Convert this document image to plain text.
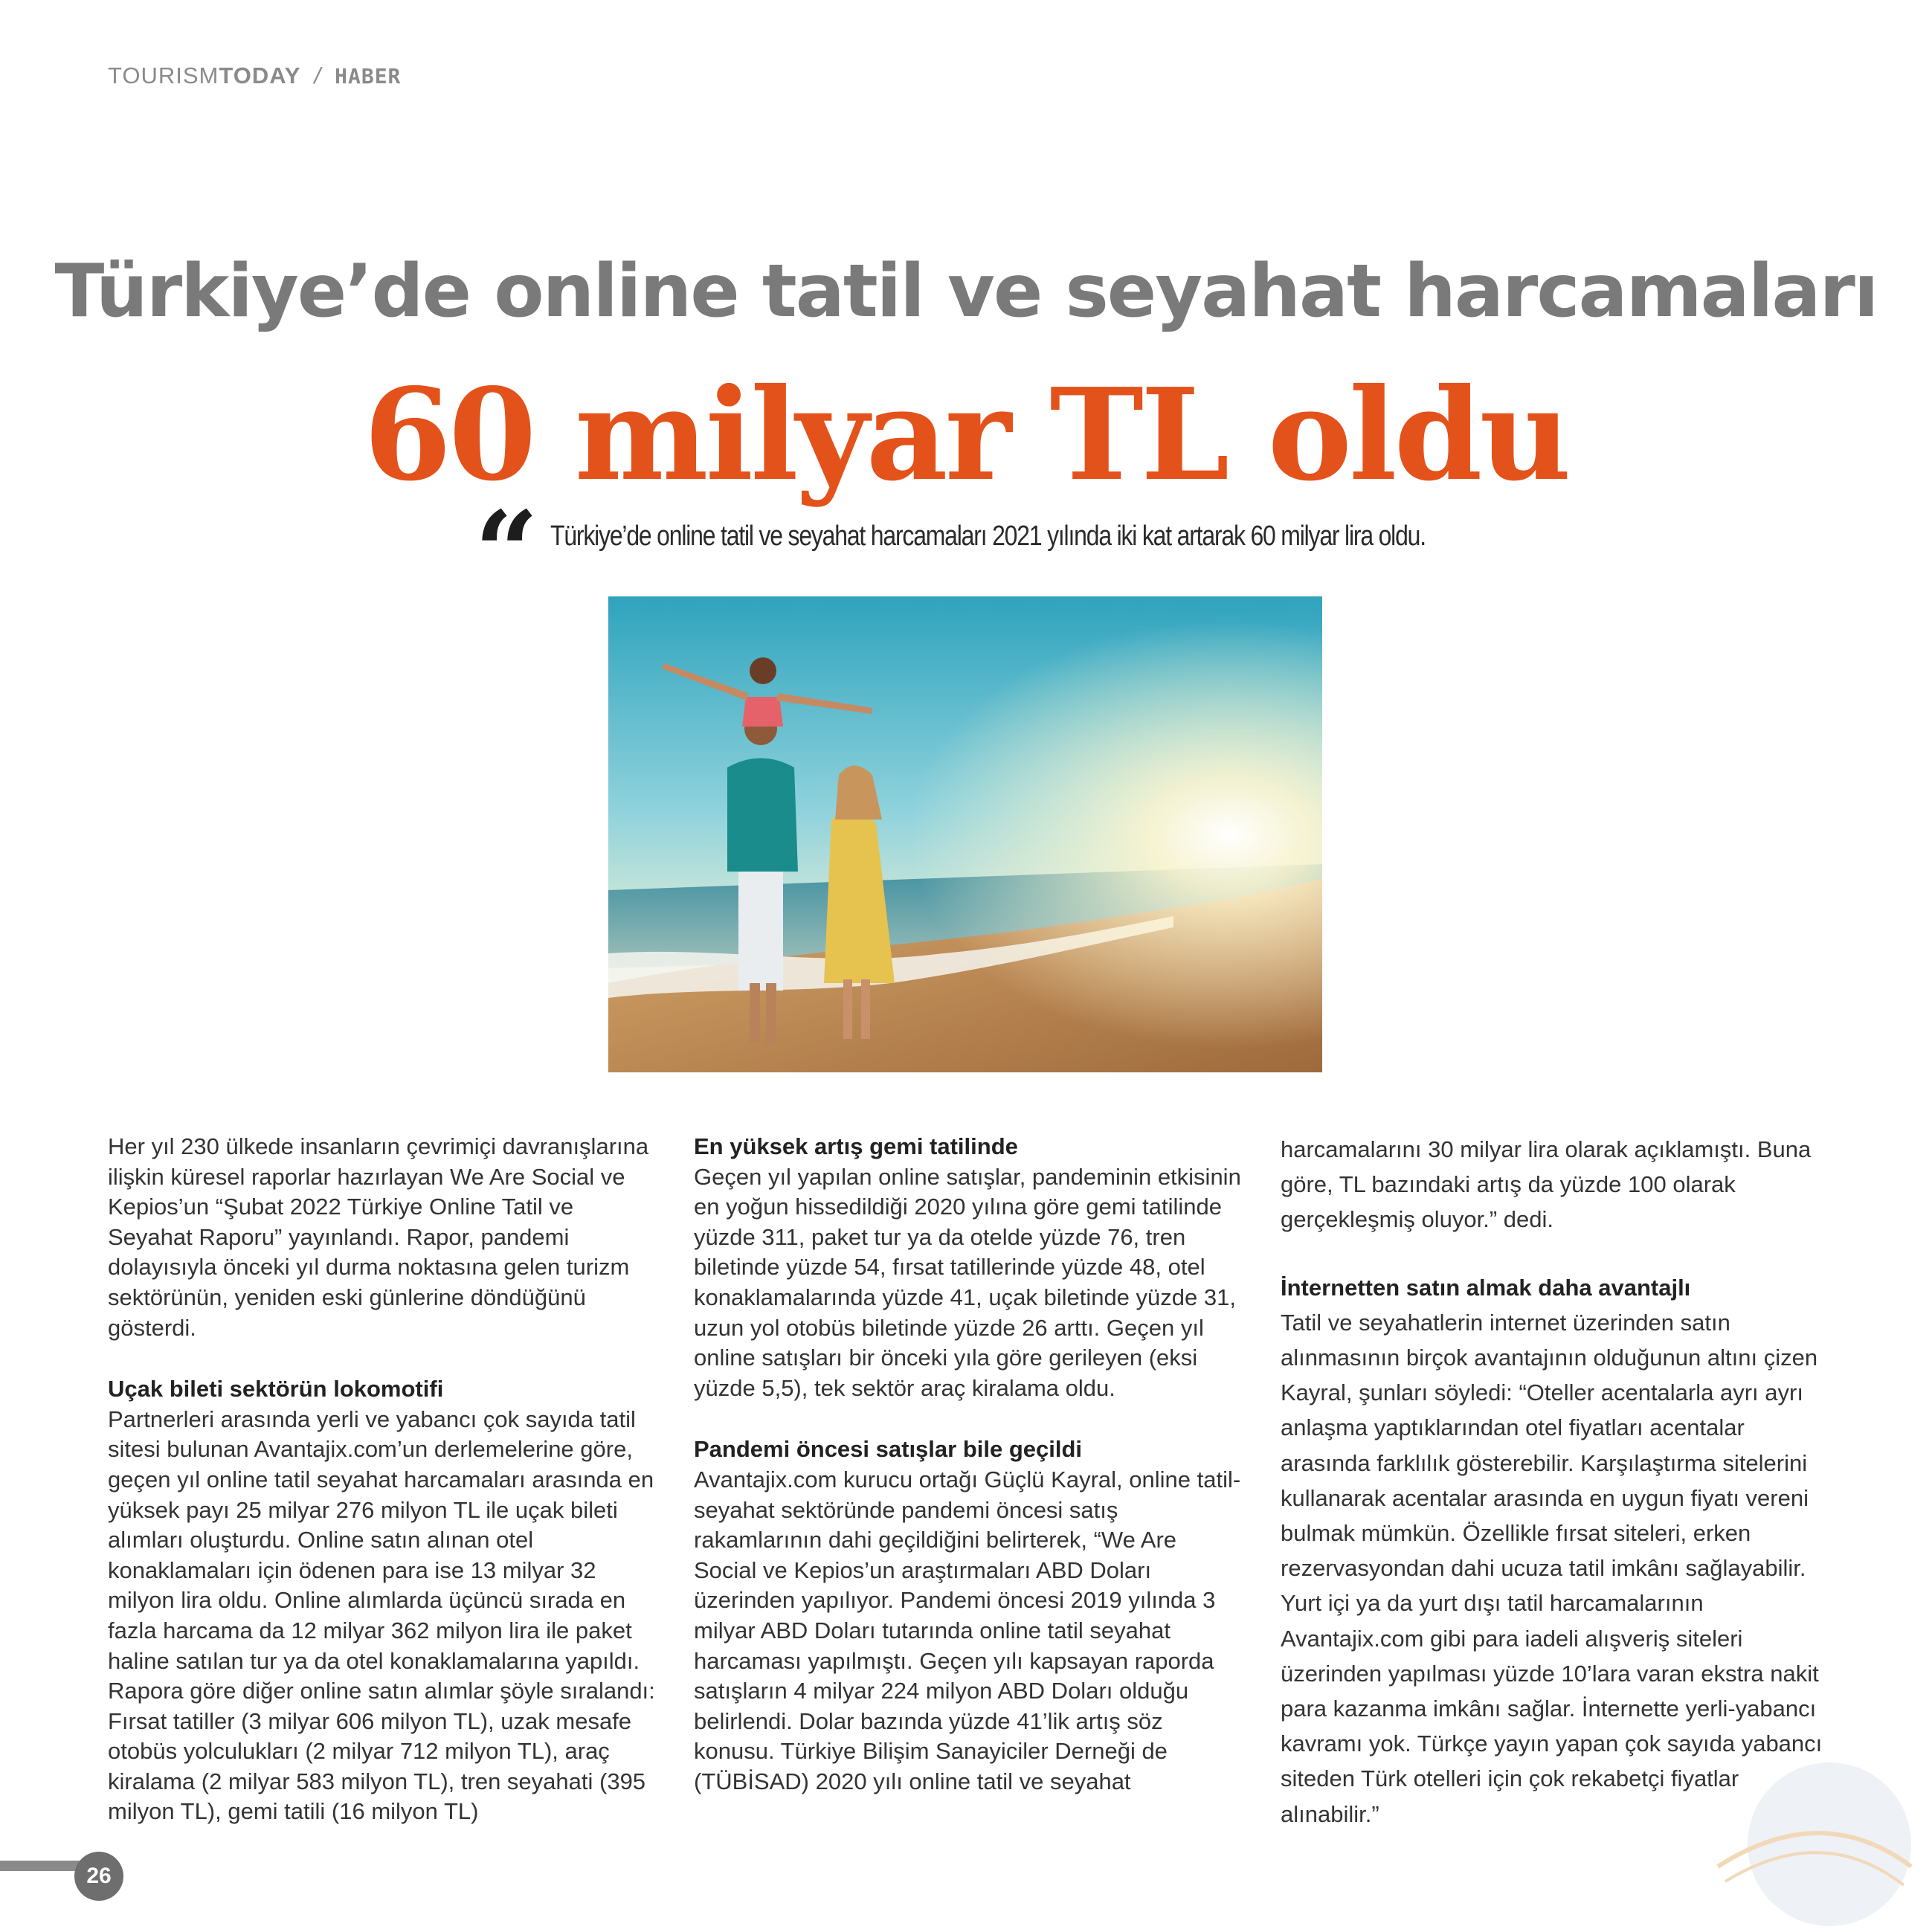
TOURISMTODAY / HABER
Türkiye’de online tatil ve seyahat harcamaları
60 milyar TL oldu
“ Türkiye’de online tatil ve seyahat harcamaları 2021 yılında iki kat artarak 60 milyar lira oldu.

Her yıl 230 ülkede insanların çevrimiçi davranışlarına ilişkin küresel raporlar hazırlayan We Are Social ve Kepios’un “Şubat 2022 Türkiye Online Tatil ve Seyahat Raporu” yayınlandı. Rapor, pandemi dolayısıyla önceki yıl durma noktasına gelen turizm sektörünün, yeniden eski günlerine döndüğünü gösterdi.

Uçak bileti sektörün lokomotifi

Partnerleri arasında yerli ve yabancı çok sayıda tatil sitesi bulunan Avantajix.com’un derlemelerine göre, geçen yıl online tatil seyahat harcamaları arasında en yüksek payı 25 milyar 276 milyon TL ile uçak bileti alımları oluşturdu. Online satın alınan otel konaklamaları için ödenen para ise 13 milyar 32 milyon lira oldu. Online alımlarda üçüncü sırada en fazla harcama da 12 milyar 362 milyon lira ile paket haline satılan tur ya da otel konaklamalarına yapıldı. Rapora göre diğer online satın alımlar şöyle sıralandı: Fırsat tatiller (3 milyar 606 milyon TL), uzak mesafe otobüs yolculukları (2 milyar 712 milyon TL), araç kiralama (2 milyar 583 milyon TL), tren seyahati (395 milyon TL), gemi tatili (16 milyon TL)

En yüksek artış gemi tatilinde

Geçen yıl yapılan online satışlar, pandeminin etkisinin en yoğun hissedildiği 2020 yılına göre gemi tatilinde yüzde 311, paket tur ya da otelde yüzde 76, tren biletinde yüzde 54, fırsat tatillerinde yüzde 48, otel konaklamalarında yüzde 41, uçak biletinde yüzde 31, uzun yol otobüs biletinde yüzde 26 arttı. Geçen yıl online satışları bir önceki yıla göre gerileyen (eksi yüzde 5,5), tek sektör araç kiralama oldu.

Pandemi öncesi satışlar bile geçildi

Avantajix.com kurucu ortağı Güçlü Kayral, online tatil-seyahat sektöründe pandemi öncesi satış rakamlarının dahi geçildiğini belirterek, “We Are Social ve Kepios’un araştırmaları ABD Doları üzerinden yapılıyor. Pandemi öncesi 2019 yılında 3 milyar ABD Doları tutarında online tatil seyahat harcaması yapılmıştı. Geçen yılı kapsayan raporda satışların 4 milyar 224 milyon ABD Doları olduğu belirlendi. Dolar bazında yüzde 41’lik artış söz konusu. Türkiye Bilişim Sanayiciler Derneği de (TÜBİSAD) 2020 yılı online tatil ve seyahat

harcamalarını 30 milyar lira olarak açıklamıştı. Buna göre, TL bazındaki artış da yüzde 100 olarak gerçekleşmiş oluyor.” dedi.

İnternetten satın almak daha avantajlı

Tatil ve seyahatlerin internet üzerinden satın alınmasının birçok avantajının olduğunun altını çizen Kayral, şunları söyledi: “Oteller acentalarla ayrı ayrı anlaşma yaptıklarından otel fiyatları acentalar arasında farklılık gösterebilir. Karşılaştırma sitelerini kullanarak acentalar arasında en uygun fiyatı vereni bulmak mümkün. Özellikle fırsat siteleri, erken rezervasyondan dahi ucuza tatil imkânı sağlayabilir. Yurt içi ya da yurt dışı tatil harcamalarının Avantajix.com gibi para iadeli alışveriş siteleri üzerinden yapılması yüzde 10’lara varan ekstra nakit para kazanma imkânı sağlar. İnternette yerli-yabancı kavramı yok. Türkçe yayın yapan çok sayıda yabancı siteden Türk otelleri için çok rekabetçi fiyatlar alınabilir.”

26
